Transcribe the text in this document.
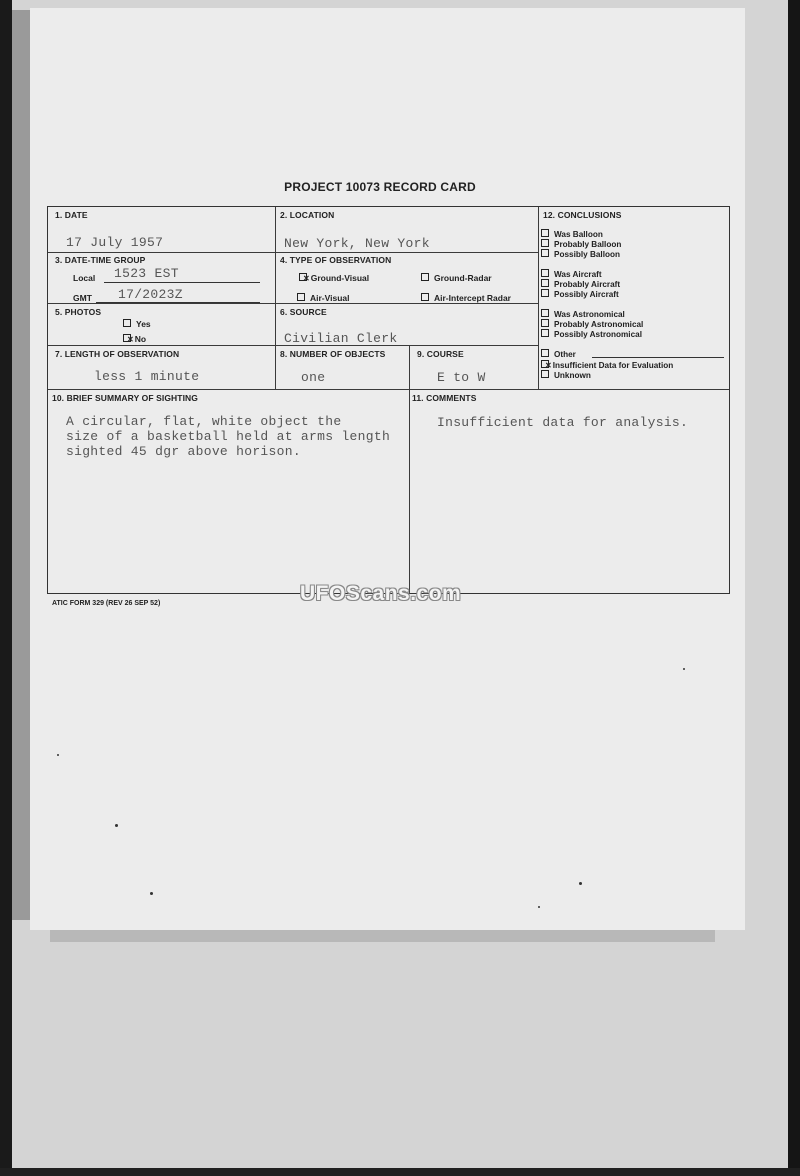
PROJECT 10073 RECORD CARD
1. DATE
17 July 1957
2. LOCATION
New York, New York
3. DATE-TIME GROUP
Local 1523 EST
GMT 17/2023Z
4. TYPE OF OBSERVATION
✕Ground-Visual	Ground-Radar
Air-Visual	Air-Intercept Radar
5. PHOTOS
Yes
✕No
6. SOURCE
Civilian Clerk
7. LENGTH OF OBSERVATION
less 1 minute
8. NUMBER OF OBJECTS
one
9. COURSE
E to W
10. BRIEF SUMMARY OF SIGHTING
A circular, flat, white object the
size of a basketball held at arms length
sighted 45 dgr above horison.
11. COMMENTS
Insufficient data for analysis.
12. CONCLUSIONS
Was Balloon
Probably Balloon
Possibly Balloon
Was Aircraft
Probably Aircraft
Possibly Aircraft
Was Astronomical
Probably Astronomical
Possibly Astronomical
Other
✕Insufficient Data for Evaluation
Unknown
ATIC FORM 329 (REV 26 SEP 52)	UFOScans.com
